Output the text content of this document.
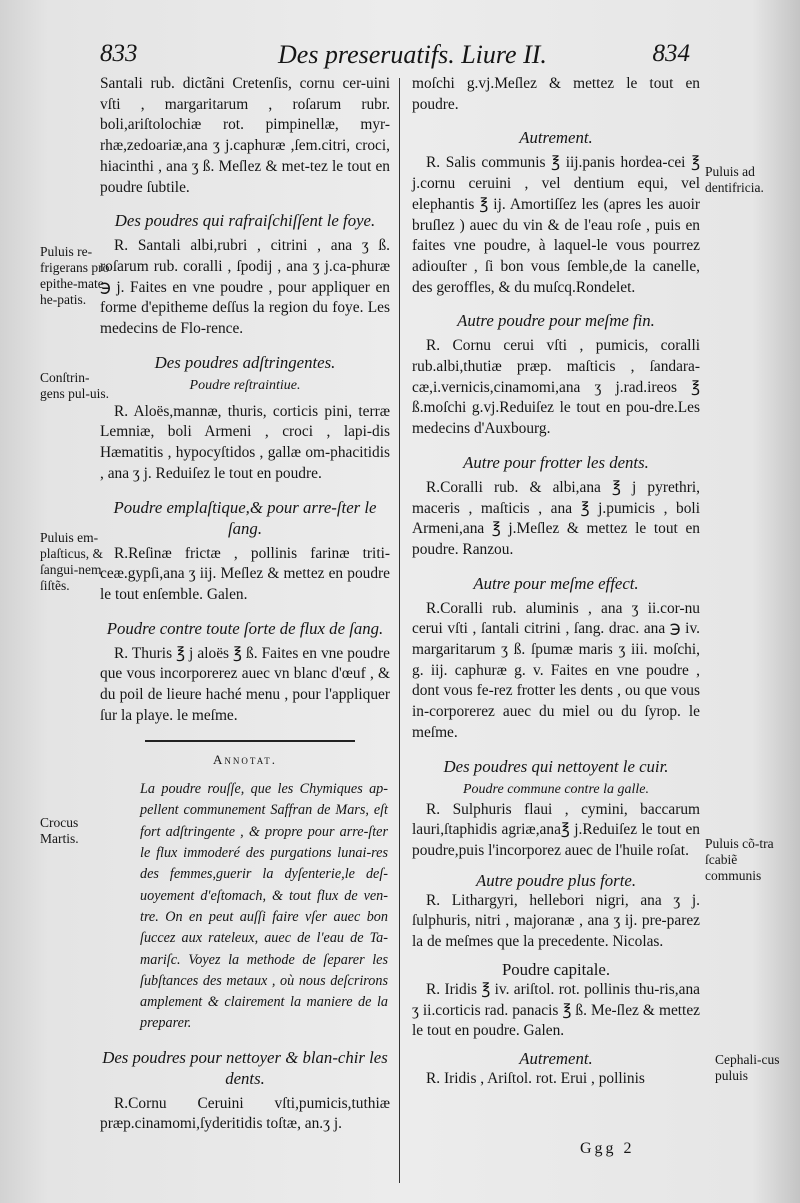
833	Des preseruatifs. Liure II.	834

Santali rub. dictãni Cretenſis, cornu cer-uini vſti , margaritarum , roſarum rubr. boli,ariſtolochiæ rot. pimpinellæ, myr-rhæ,zedoariæ,ana ʒ j.caphuræ ,ſem.citri, croci, hiacinthi , ana ʒ ß. Meſlez & met-tez le tout en poudre ſubtile.

Des poudres qui rafraiſchiſſent le foye.

R. Santali albi,rubri , citrini , ana ʒ ß. roſarum rub. coralli , ſpodij , ana ʒ j.ca-phuræ ℈ j. Faites en vne poudre , pour appliquer en forme d'epitheme deſſus la region du foye. Les medecins de Flo-rence.

Des poudres adſtringentes.
Poudre reſtraintiue.

R. Aloës,mannæ, thuris, corticis pini, terræ Lemniæ, boli Armeni , croci , lapi-dis Hæmatitis , hypocyſtidos , gallæ om-phacitidis , ana ʒ j. Reduiſez le tout en poudre.

Poudre emplaſtique,& pour arre-ſter le ſang.

R.Reſinæ frictæ , pollinis farinæ triti-ceæ.gypſi,ana ʒ iij. Meſlez & mettez en poudre le tout enſemble. Galen.

Poudre contre toute ſorte de flux de ſang.

R. Thuris ℥ j aloës ℥ ß. Faites en vne poudre que vous incorporerez auec vn blanc d'œuf , & du poil de lieure haché menu , pour l'appliquer ſur la playe. le meſme.

Annotat.

La poudre rouſſe, que les Chymiques ap-pellent communement Saffran de Mars, eſt fort adſtringente , & propre pour arre-ſter le flux immoderé des purgations lunai-res des femmes,guerir la dyſenterie,le deſ-uoyement d'eſtomach, & tout flux de ven-tre. On en peut auſſi faire vſer auec bon ſuccez aux rateleux, auec de l'eau de Ta-mariſc. Voyez la methode de ſeparer les ſubſtances des metaux , où nous deſcrirons amplement & clairement la maniere de la preparer.

Des poudres pour nettoyer & blan-chir les dents.

R.Cornu Ceruini vſti,pumicis,tuthiæ præp.cinamomi,ſyderitidis toſtæ, an.ʒ j.

moſchi g.vj.Meſlez & mettez le tout en poudre.

Autrement.

R. Salis communis ℥ iij.panis hordea-cei ℥ j.cornu ceruini , vel dentium equi, vel elephantis ℥ ij. Amortiſſez les (apres les auoir bruſlez ) auec du vin & de l'eau roſe , puis en faites vne poudre, à laquel-le vous pourrez adiouſter , ſi bon vous ſemble,de la canelle, des geroffles, & du muſcq.Rondelet.

Autre poudre pour meſme fin.

R. Cornu cerui vſti , pumicis, coralli rub.albi,thutiæ præp. maſticis , ſandara-cæ,i.vernicis,cinamomi,ana ʒ j.rad.ireos ℥ ß.moſchi g.vj.Reduiſez le tout en pou-dre.Les medecins d'Auxbourg.

Autre pour frotter les dents.

R.Coralli rub. & albi,ana ℥ j pyrethri, maceris , maſticis , ana ℥ j.pumicis , boli Armeni,ana ℥ j.Meſlez & mettez le tout en poudre. Ranzou.

Autre pour meſme effect.

R.Coralli rub. aluminis , ana ʒ ii.cor-nu cerui vſti , ſantali citrini , ſang. drac. ana ℈ iv. margaritarum ʒ ß. ſpumæ maris ʒ iii. moſchi, g. iij. caphuræ g. v. Faites en vne poudre , dont vous fe-rez frotter les dents , ou que vous in-corporerez auec du miel ou du ſyrop. le meſme.

Des poudres qui nettoyent le cuir.
Poudre commune contre la galle.

R. Sulphuris flaui , cymini, baccarum lauri,ſtaphidis agriæ,ana℥ j.Reduiſez le tout en poudre,puis l'incorporez auec de l'huile roſat.

Autre poudre plus forte.

R. Lithargyri, hellebori nigri, ana ʒ j. ſulphuris, nitri , majoranæ , ana ʒ ij. pre-parez la de meſmes que la precedente. Nicolas.

Poudre capitale.

R. Iridis ℥ iv. ariſtol. rot. pollinis thu-ris,ana ʒ ii.corticis rad. panacis ℥ ß. Me-ſlez & mettez le tout en poudre. Galen.

Autrement.

R. Iridis , Ariſtol. rot. Erui , pollinis

Puluis re-frigerans pro epithe-mate he-patis.
Conſtrin-gens pul-uis.
Puluis em-plaſticus, & ſangui-nem ſiſtẽs.
Crocus Martis.
Puluis ad dentifricia.
Puluis cõ-tra ſcabiẽ communis
Cephali-cus puluis
Ggg 2
